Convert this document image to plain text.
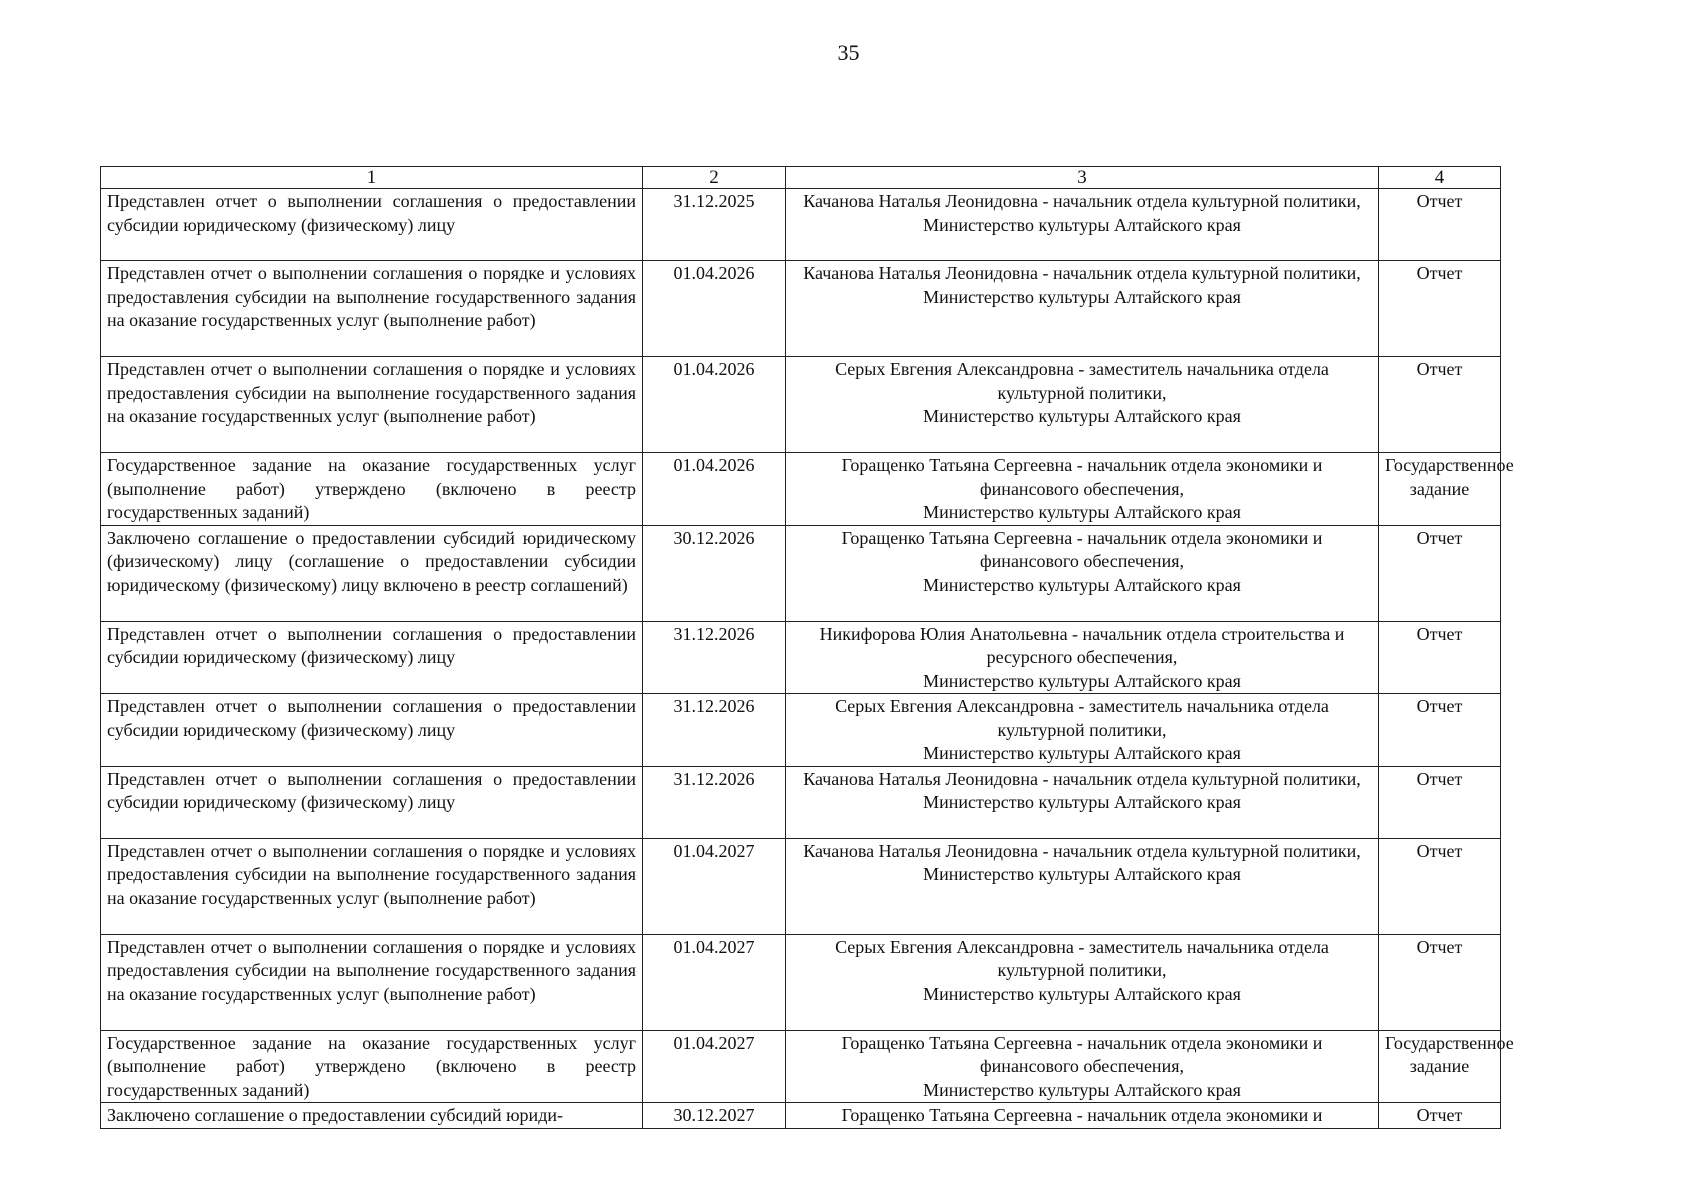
35
1	2	3	4
Представлен отчет о выполнении соглашения о предоставлении субсидии юридическому (физическому) лицу	31.12.2025	Качанова Наталья Леонидовна - начальник отдела культурной политики,
Министерство культуры Алтайского края	Отчет
Представлен отчет о выполнении соглашения о порядке и условиях предоставления субсидии на выполнение государственного задания на оказание государственных услуг (выполнение работ)	01.04.2026	Качанова Наталья Леонидовна - начальник отдела культурной политики,
Министерство культуры Алтайского края	Отчет
Представлен отчет о выполнении соглашения о порядке и условиях предоставления субсидии на выполнение государственного задания на оказание государственных услуг (выполнение работ)	01.04.2026	Серых Евгения Александровна - заместитель начальника отдела культурной политики,
Министерство культуры Алтайского края	Отчет
Государственное задание на оказание государственных услуг (выполнение работ) утверждено (включено в реестр государственных заданий)	01.04.2026	Горащенко Татьяна Сергеевна - начальник отдела экономики и финансового обеспечения,
Министерство культуры Алтайского края	Государственное задание
Заключено соглашение о предоставлении субсидий юридическому (физическому) лицу (соглашение о предоставлении субсидии юридическому (физическому) лицу включено в реестр соглашений)	30.12.2026	Горащенко Татьяна Сергеевна - начальник отдела экономики и финансового обеспечения,
Министерство культуры Алтайского края	Отчет
Представлен отчет о выполнении соглашения о предоставлении субсидии юридическому (физическому) лицу	31.12.2026	Никифорова Юлия Анатольевна - начальник отдела строительства и ресурсного обеспечения,
Министерство культуры Алтайского края	Отчет
Представлен отчет о выполнении соглашения о предоставлении субсидии юридическому (физическому) лицу	31.12.2026	Серых Евгения Александровна - заместитель начальника отдела культурной политики,
Министерство культуры Алтайского края	Отчет
Представлен отчет о выполнении соглашения о предоставлении субсидии юридическому (физическому) лицу	31.12.2026	Качанова Наталья Леонидовна - начальник отдела культурной политики,
Министерство культуры Алтайского края	Отчет
Представлен отчет о выполнении соглашения о порядке и условиях предоставления субсидии на выполнение государственного задания на оказание государственных услуг (выполнение работ)	01.04.2027	Качанова Наталья Леонидовна - начальник отдела культурной политики,
Министерство культуры Алтайского края	Отчет
Представлен отчет о выполнении соглашения о порядке и условиях предоставления субсидии на выполнение государственного задания на оказание государственных услуг (выполнение работ)	01.04.2027	Серых Евгения Александровна - заместитель начальника отдела культурной политики,
Министерство культуры Алтайского края	Отчет
Государственное задание на оказание государственных услуг (выполнение работ) утверждено (включено в реестр государственных заданий)	01.04.2027	Горащенко Татьяна Сергеевна - начальник отдела экономики и финансового обеспечения,
Министерство культуры Алтайского края	Государственное задание
Заключено соглашение о предоставлении субсидий юриди-	30.12.2027	Горащенко Татьяна Сергеевна - начальник отдела экономики и	Отчет
